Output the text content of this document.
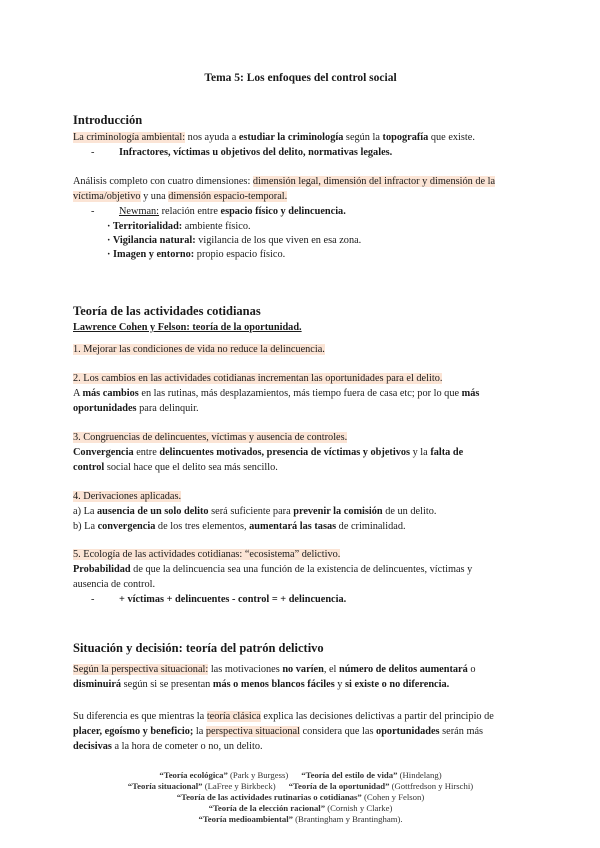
Tema 5: Los enfoques del control social
Introducción
La criminología ambiental: nos ayuda a estudiar la criminología según la topografía que existe.
- Infractores, víctimas u objetivos del delito, normativas legales.
Análisis completo con cuatro dimensiones: dimensión legal, dimensión del infractor y dimensión de la
víctima/objetivo y una dimensión espacio-temporal.
- Newman: relación entre espacio físico y delincuencia.
· Territorialidad: ambiente físico.
· Vigilancia natural: vigilancia de los que viven en esa zona.
· Imagen y entorno: propio espacio físico.
Teoría de las actividades cotidianas
Lawrence Cohen y Felson: teoría de la oportunidad.
1. Mejorar las condiciones de vida no reduce la delincuencia.
2. Los cambios en las actividades cotidianas incrementan las oportunidades para el delito.
A más cambios en las rutinas, más desplazamientos, más tiempo fuera de casa etc; por lo que más
oportunidades para delinquir.
3. Congruencias de delincuentes, víctimas y ausencia de controles.
Convergencia entre delincuentes motivados, presencia de víctimas y objetivos y la falta de
control social hace que el delito sea más sencillo.
4. Derivaciones aplicadas.
a) La ausencia de un solo delito será suficiente para prevenir la comisión de un delito.
b) La convergencia de los tres elementos, aumentará las tasas de criminalidad.
5. Ecología de las actividades cotidianas: “ecosistema” delictivo.
Probabilidad de que la delincuencia sea una función de la existencia de delincuentes, víctimas y
ausencia de control.
- + víctimas + delincuentes - control = + delincuencia.
Situación y decisión: teoría del patrón delictivo
Según la perspectiva situacional: las motivaciones no varíen, el número de delitos aumentará o
disminuirá según si se presentan más o menos blancos fáciles y si existe o no diferencia.
Su diferencia es que mientras la teoría clásica explica las decisiones delictivas a partir del principio de
placer, egoísmo y beneficio; la perspectiva situacional considera que las oportunidades serán más
decisivas a la hora de cometer o no, un delito.
“Teoría ecológica” (Park y Burgess) “Teoría del estilo de vida” (Hindelang)
“Teoría situacional” (LaFree y Birkbeck) “Teoría de la oportunidad” (Gottfredson y Hirschi)
“Teoría de las actividades rutinarias o cotidianas” (Cohen y Felson)
“Teoría de la elección racional” (Cornish y Clarke)
“Teoría medioambiental” (Brantingham y Brantingham).
